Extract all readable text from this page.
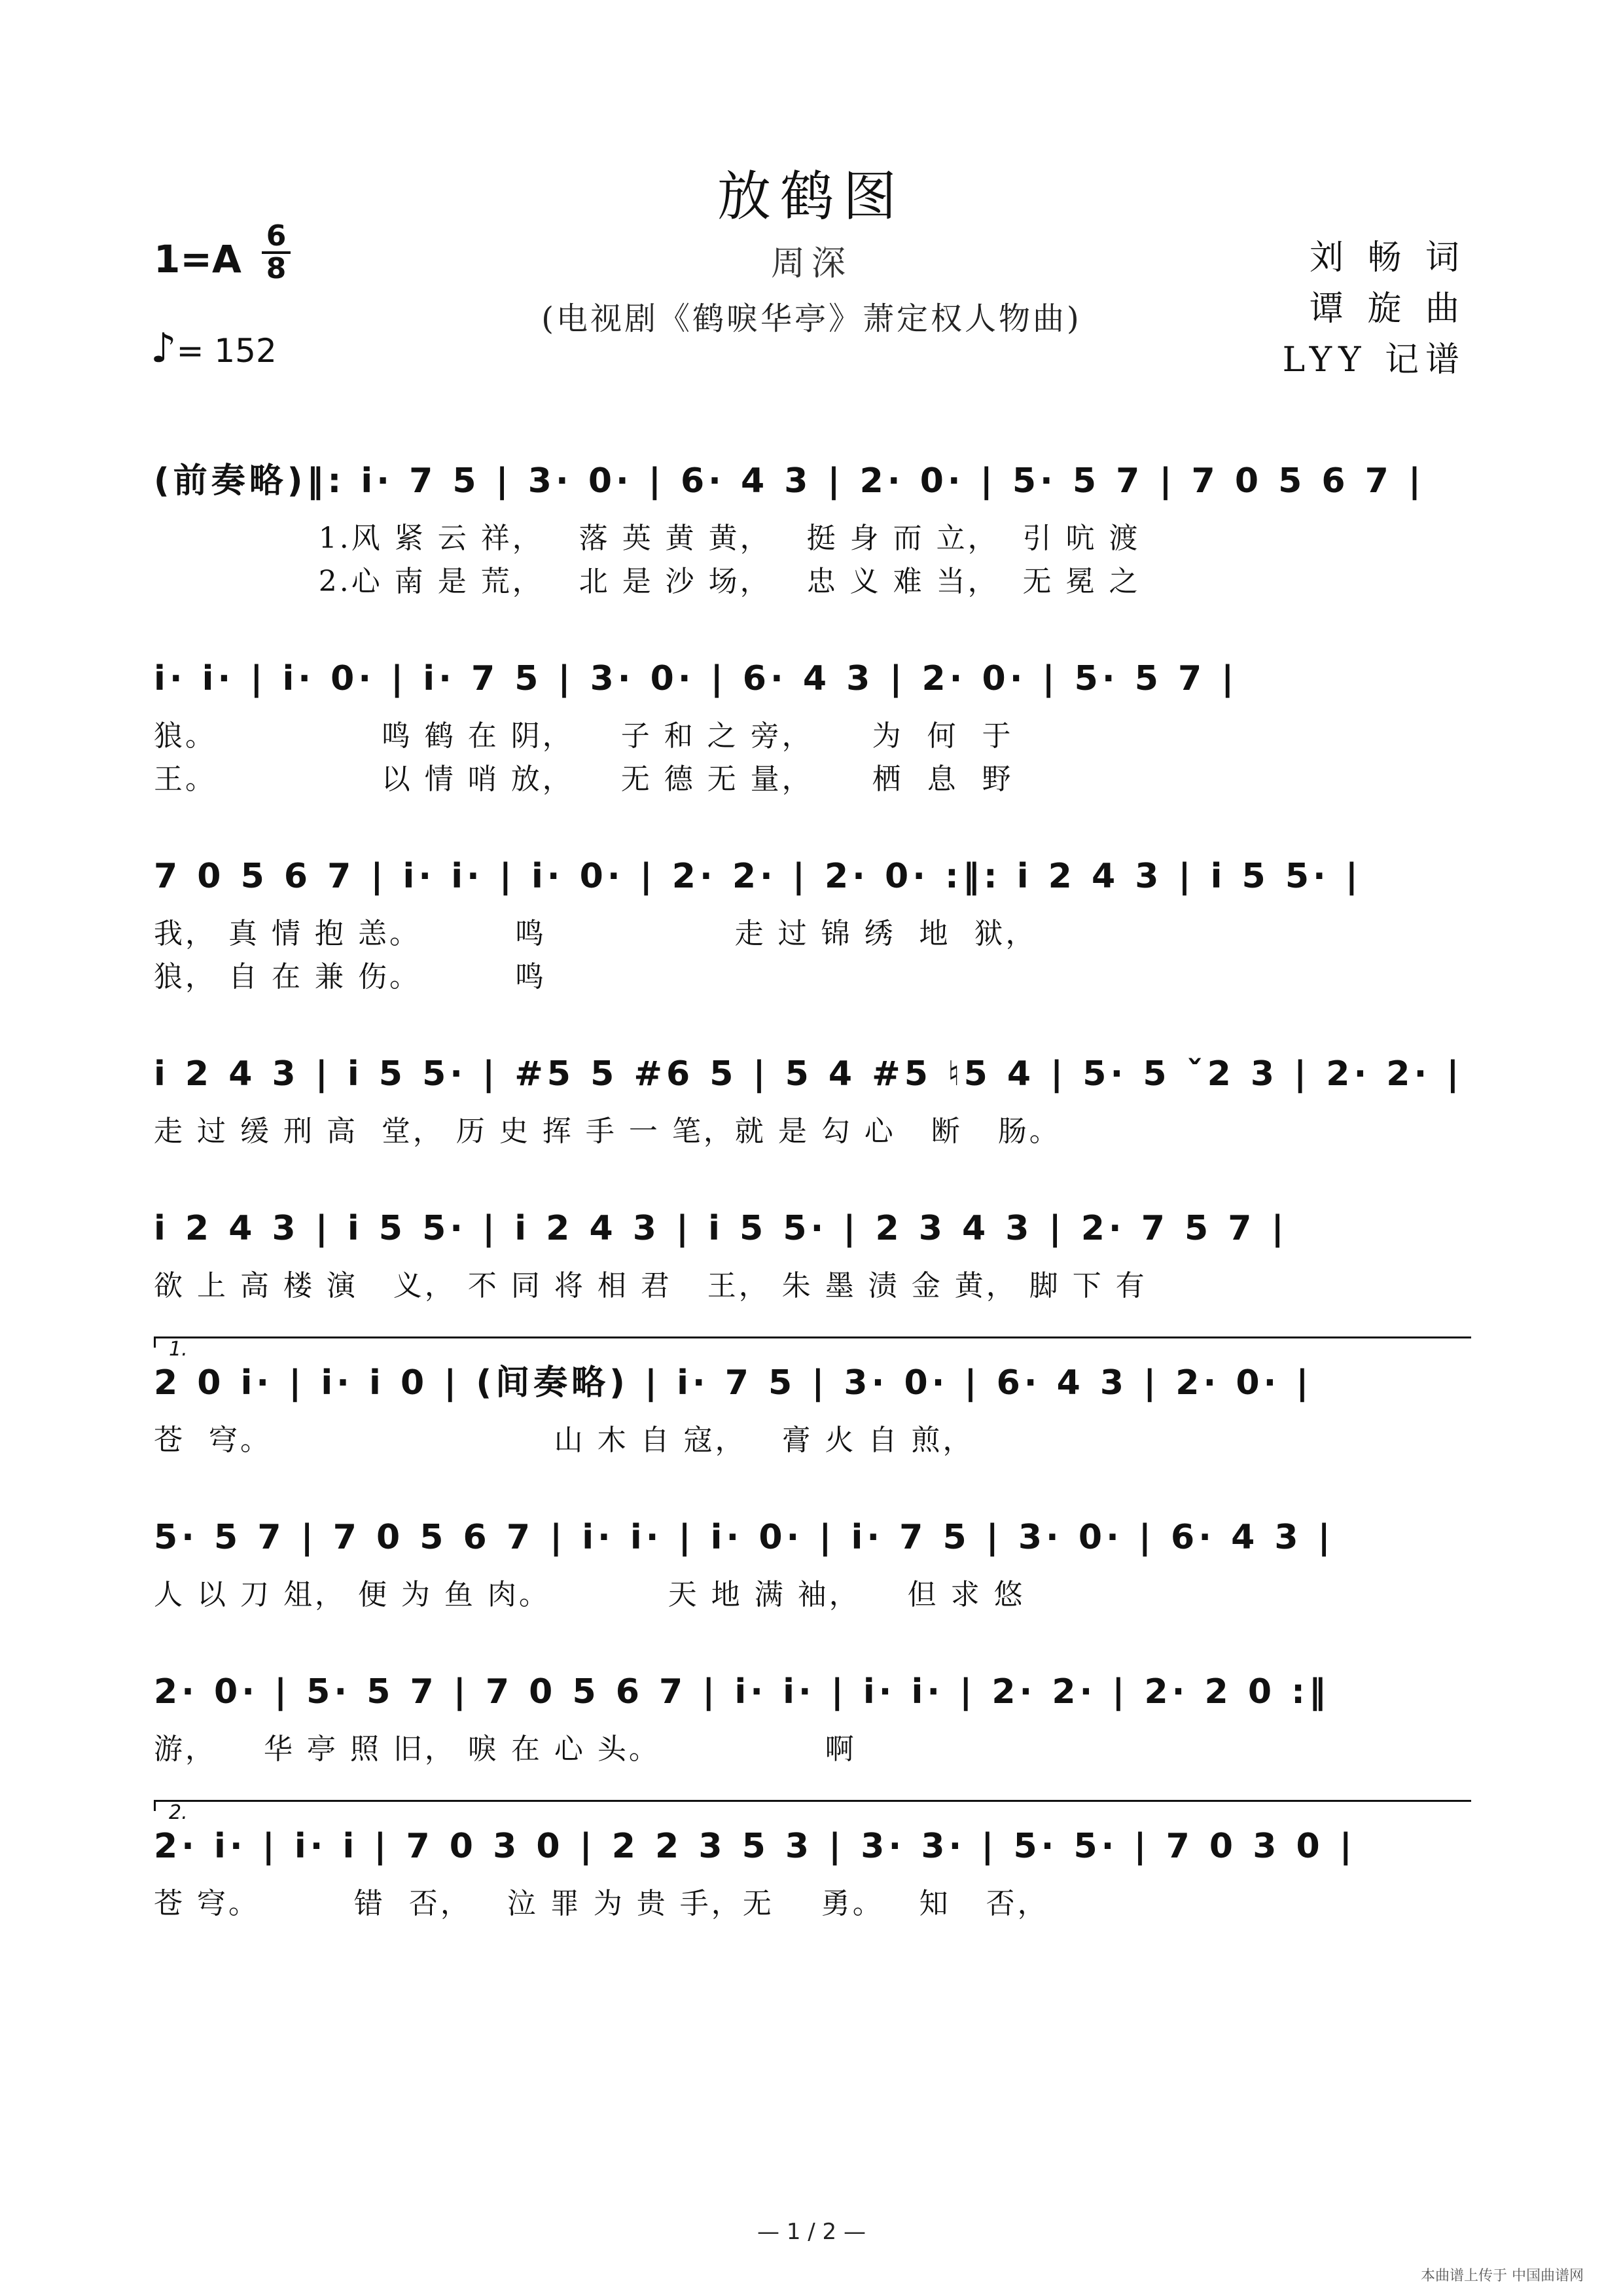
放鹤图
1=A
6
8
♪= 152
周深
(电视剧《鹤唳华亭》萧定权人物曲)
刘 畅 词
谭 旋 曲
LYY 记谱
(前奏略)‖: i· 7 5 | 3· 0· | 6· 4 3 | 2· 0· | 5· 5 7 | 7 0 5 6 7 |
1.风 紧 云 祥，   落 英 黄 黄，   挺 身 而 立，  引 吭 渡
2.心 南 是 荒，   北 是 沙 场，   忠 义 难 当，  无 冕 之
i· i· | i· 0· | i· 7 5 | 3· 0· | 6· 4 3 | 2· 0· | 5· 5 7 |
狼。              鸣 鹤 在 阴，    子 和 之 旁，     为  何  于
王。              以 情 哨 放，    无 德 无 量，     栖  息  野
7 0 5 6 7 | i· i· | i· 0· | 2· 2· | 2· 0· :‖: i 2 4 3 | i 5 5· |
我， 真 情 抱 恙。        鸣                走 过 锦 绣  地  狱，
狼， 自 在 兼 伤。        鸣
i 2 4 3 | i 5 5· | #5 5 #6 5 | 5 4 #5 ♮5 4 | 5· 5 ˇ2 3 | 2· 2· |
走 过 缓 刑 高  堂， 历 史 挥 手 一 笔，就 是 勾 心   断   肠。
i 2 4 3 | i 5 5· | i 2 4 3 | i 5 5· | 2 3 4 3 | 2· 7 5 7 |
欲 上 高 楼 演   义， 不 同 将 相 君   王， 朱 墨 渍 金 黄， 脚 下 有
1.
2 0 i· | i· i 0 | (间奏略) | i· 7 5 | 3· 0· | 6· 4 3 | 2· 0· |
苍  穹。                        山 木 自 寇，   膏 火 自 煎，
5· 5 7 | 7 0 5 6 7 | i· i· | i· 0· | i· 7 5 | 3· 0· | 6· 4 3 |
人 以 刀 俎， 便 为 鱼 肉。          天 地 满 袖，    但 求 悠
2· 0· | 5· 5 7 | 7 0 5 6 7 | i· i· | i· i· | 2· 2· | 2· 2 0 :‖
游，    华 亭 照 旧， 唳 在 心 头。              啊
2.
2· i· | i· i | 7 0 3 0 | 2 2 3 5 3 | 3· 3· | 5· 5· | 7 0 3 0 |
苍 穹。        错  否，   泣 罪 为 贵 手，无    勇。   知   否，
— 1 / 2 —
本曲谱上传于 中国曲谱网
